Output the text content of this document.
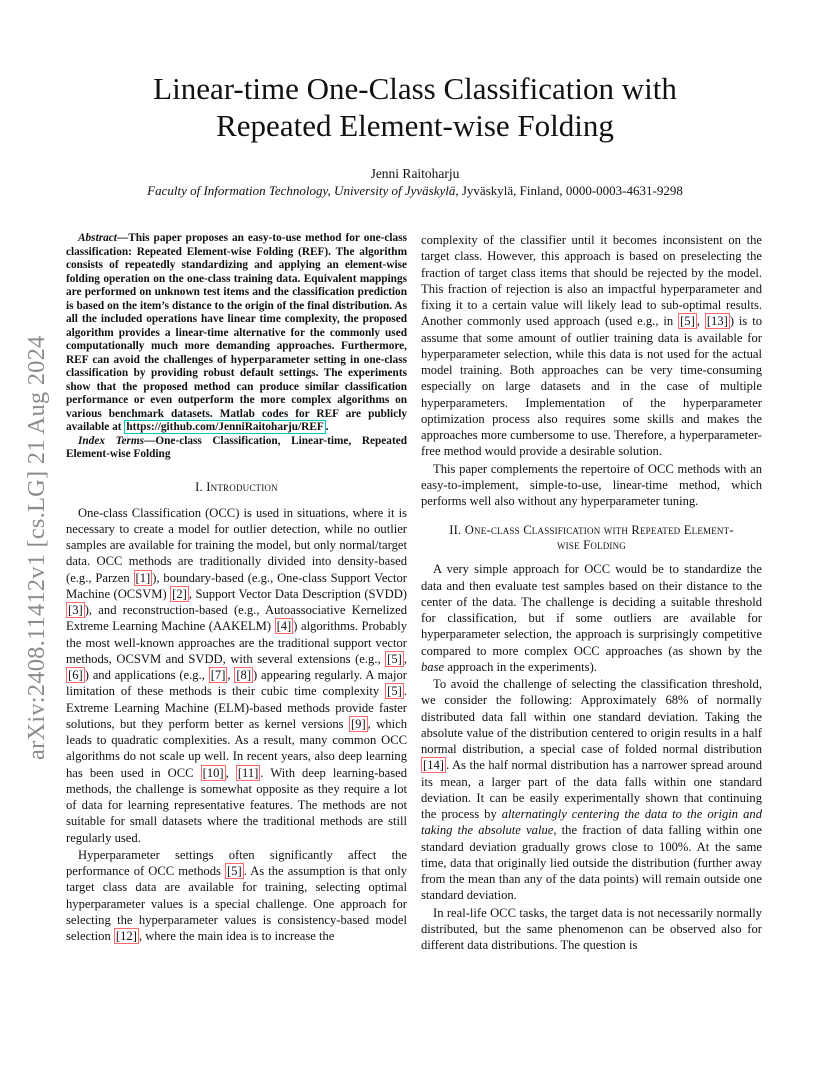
arXiv:2408.11412v1 [cs.LG] 21 Aug 2024
Linear-time One-Class Classification with Repeated Element-wise Folding
Jenni Raitoharju
Faculty of Information Technology, University of Jyväskylä, Jyväskylä, Finland, 0000-0003-4631-9298

Abstract—This paper proposes an easy-to-use method for one-class classification: Repeated Element-wise Folding (REF). The algorithm consists of repeatedly standardizing and applying an element-wise folding operation on the one-class training data. Equivalent mappings are performed on unknown test items and the classification prediction is based on the item’s distance to the origin of the final distribution. As all the included operations have linear time complexity, the proposed algorithm provides a linear-time alternative for the commonly used computationally much more demanding approaches. Furthermore, REF can avoid the challenges of hyperparameter setting in one-class classification by providing robust default settings. The experiments show that the proposed method can produce similar classification performance or even outperform the more complex algorithms on various benchmark datasets. Matlab codes for REF are publicly available at https://github.com/JenniRaitoharju/REF .

Index Terms—One-class Classification, Linear-time, Repeated Element-wise Folding

I. Introduction

One-class Classification (OCC) is used in situations, where it is necessary to create a model for outlier detection, while no outlier samples are available for training the model, but only normal/target data. OCC methods are traditionally divided into density-based (e.g., Parzen [1] ), boundary-based (e.g., One-class Support Vector Machine (OCSVM) [2] , Support Vector Data Description (SVDD) [3] ), and reconstruction-based (e.g., Autoassociative Kernelized Extreme Learning Machine (AAKELM) [4] ) algorithms. Probably the most well-known approaches are the traditional support vector methods, OCSVM and SVDD, with several extensions (e.g., [5] , [6] ) and applications (e.g., [7] , [8] ) appearing regularly. A major limitation of these methods is their cubic time complexity [5] . Extreme Learning Machine (ELM)-based methods provide faster solutions, but they perform better as kernel versions [9] , which leads to quadratic complexities. As a result, many common OCC algorithms do not scale up well. In recent years, also deep learning has been used in OCC [10] , [11] . With deep learning-based methods, the challenge is somewhat opposite as they require a lot of data for learning representative features. The methods are not suitable for small datasets where the traditional methods are still regularly used.

Hyperparameter settings often significantly affect the performance of OCC methods [5] . As the assumption is that only target class data are available for training, selecting optimal hyperparameter values is a special challenge. One approach for selecting the hyperparameter values is consistency-based model selection [12] , where the main idea is to increase the

complexity of the classifier until it becomes inconsistent on the target class. However, this approach is based on preselecting the fraction of target class items that should be rejected by the model. This fraction of rejection is also an impactful hyperparameter and fixing it to a certain value will likely lead to sub-optimal results. Another commonly used approach (used e.g., in [5] , [13] ) is to assume that some amount of outlier training data is available for hyperparameter selection, while this data is not used for the actual model training. Both approaches can be very time-consuming especially on large datasets and in the case of multiple hyperparameters. Implementation of the hyperparameter optimization process also requires some skills and makes the approaches more cumbersome to use. Therefore, a hyperparameter-free method would provide a desirable solution.

This paper complements the repertoire of OCC methods with an easy-to-implement, simple-to-use, linear-time method, which performs well also without any hyperparameter tuning.

II. One-class Classification with Repeated Element-wise Folding

A very simple approach for OCC would be to standardize the data and then evaluate test samples based on their distance to the center of the data. The challenge is deciding a suitable threshold for classification, but if some outliers are available for hyperparameter selection, the approach is surprisingly competitive compared to more complex OCC approaches (as shown by the base approach in the experiments).

To avoid the challenge of selecting the classification threshold, we consider the following: Approximately 68% of normally distributed data fall within one standard deviation. Taking the absolute value of the distribution centered to origin results in a half normal distribution, a special case of folded normal distribution [14] . As the half normal distribution has a narrower spread around its mean, a larger part of the data falls within one standard deviation. It can be easily experimentally shown that continuing the process by alternatingly centering the data to the origin and taking the absolute value, the fraction of data falling within one standard deviation gradually grows close to 100%. At the same time, data that originally lied outside the distribution (further away from the mean than any of the data points) will remain outside one standard deviation.

In real-life OCC tasks, the target data is not necessarily normally distributed, but the same phenomenon can be observed also for different data distributions. The question is
